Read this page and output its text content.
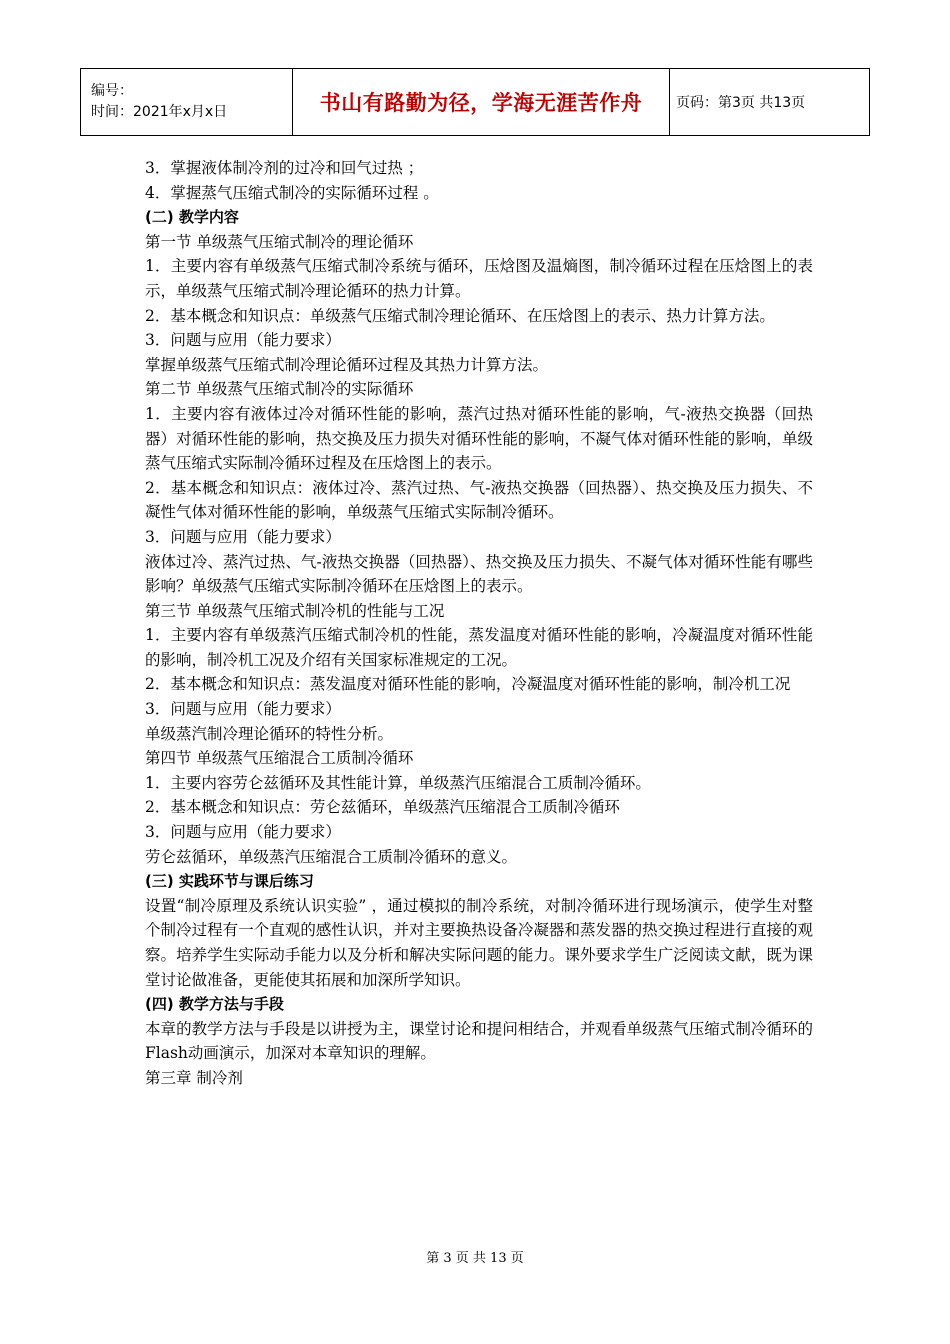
编号：
时间：2021年x月x日	书山有路勤为径，学海无涯苦作舟	页码：第3页 共13页

3．掌握液体制冷剂的过冷和回气过热 ；

4．掌握蒸气压缩式制冷的实际循环过程 。

(二) 教学内容

第一节 单级蒸气压缩式制冷的理论循环

1．主要内容有单级蒸气压缩式制冷系统与循环，压焓图及温熵图，制冷循环过程在压焓图上的表示，单级蒸气压缩式制冷理论循环的热力计算。

2．基本概念和知识点：单级蒸气压缩式制冷理论循环、在压焓图上的表示、热力计算方法。

3．问题与应用（能力要求）

掌握单级蒸气压缩式制冷理论循环过程及其热力计算方法。

第二节 单级蒸气压缩式制冷的实际循环

1．主要内容有液体过冷对循环性能的影响，蒸汽过热对循环性能的影响，气-液热交换器（回热器）对循环性能的影响，热交换及压力损失对循环性能的影响，不凝气体对循环性能的影响，单级蒸气压缩式实际制冷循环过程及在压焓图上的表示。

2．基本概念和知识点：液体过冷、蒸汽过热、气-液热交换器（回热器）、热交换及压力损失、不凝性气体对循环性能的影响，单级蒸气压缩式实际制冷循环。

3．问题与应用（能力要求）

液体过冷、蒸汽过热、气-液热交换器（回热器）、热交换及压力损失、不凝气体对循环性能有哪些影响？单级蒸气压缩式实际制冷循环在压焓图上的表示。

第三节 单级蒸气压缩式制冷机的性能与工况

1．主要内容有单级蒸汽压缩式制冷机的性能，蒸发温度对循环性能的影响，冷凝温度对循环性能的影响，制冷机工况及介绍有关国家标准规定的工况。

2．基本概念和知识点：蒸发温度对循环性能的影响，冷凝温度对循环性能的影响，制冷机工况

3．问题与应用（能力要求）

单级蒸汽制冷理论循环的特性分析。

第四节 单级蒸气压缩混合工质制冷循环

1．主要内容劳仑兹循环及其性能计算，单级蒸汽压缩混合工质制冷循环。

2．基本概念和知识点：劳仑兹循环，单级蒸汽压缩混合工质制冷循环

3．问题与应用（能力要求）

劳仑兹循环，单级蒸汽压缩混合工质制冷循环的意义。

(三) 实践环节与课后练习

设置“制冷原理及系统认识实验” ，通过模拟的制冷系统，对制冷循环进行现场演示，使学生对整个制冷过程有一个直观的感性认识，并对主要换热设备冷凝器和蒸发器的热交换过程进行直接的观察。培养学生实际动手能力以及分析和解决实际问题的能力。课外要求学生广泛阅读文献，既为课堂讨论做准备，更能使其拓展和加深所学知识。

(四) 教学方法与手段

本章的教学方法与手段是以讲授为主，课堂讨论和提问相结合，并观看单级蒸气压缩式制冷循环的Flash动画演示，加深对本章知识的理解。

第三章 制冷剂

第 3 页 共 13 页
